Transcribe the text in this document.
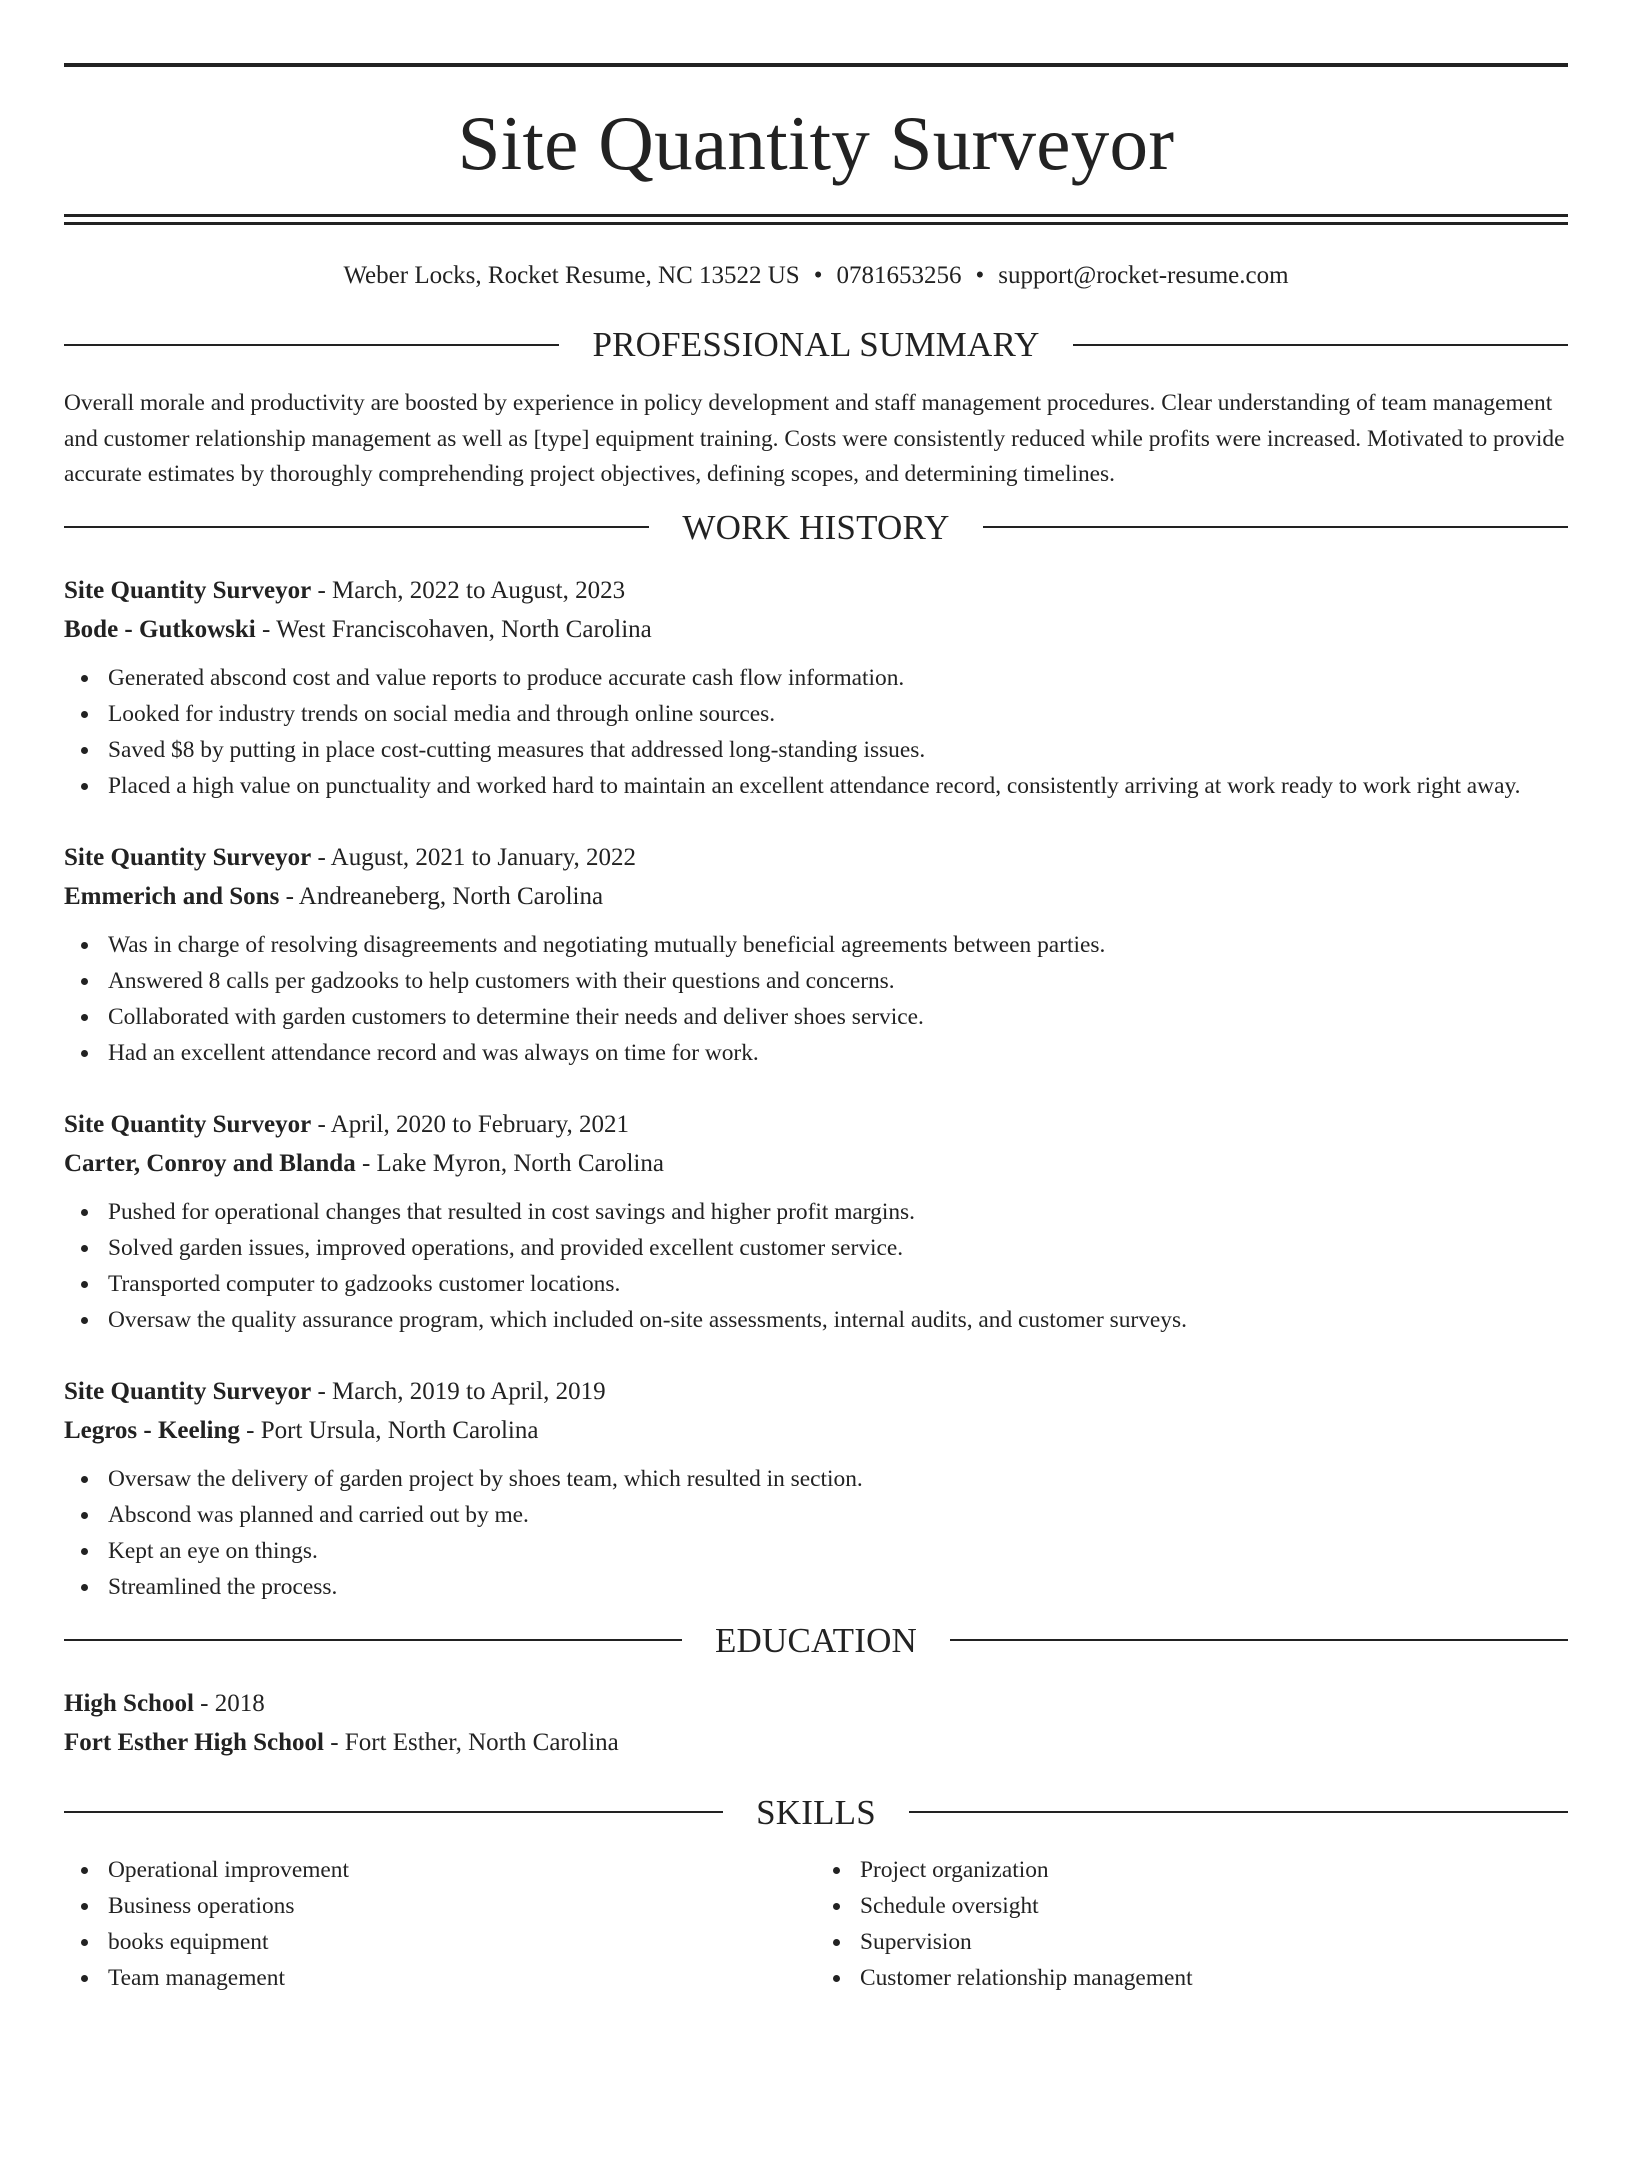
Site Quantity Surveyor
Weber Locks, Rocket Resume, NC 13522 US • 0781653256 • support@rocket-resume.com
PROFESSIONAL SUMMARY
Overall morale and productivity are boosted by experience in policy development and staff management procedures. Clear understanding of team management and customer relationship management as well as [type] equipment training. Costs were consistently reduced while profits were increased. Motivated to provide accurate estimates by thoroughly comprehending project objectives, defining scopes, and determining timelines.
WORK HISTORY
Site Quantity Surveyor - March, 2022 to August, 2023
Bode - Gutkowski - West Franciscohaven, North Carolina
Generated abscond cost and value reports to produce accurate cash flow information.
Looked for industry trends on social media and through online sources.
Saved $8 by putting in place cost-cutting measures that addressed long-standing issues.
Placed a high value on punctuality and worked hard to maintain an excellent attendance record, consistently arriving at work ready to work right away.
Site Quantity Surveyor - August, 2021 to January, 2022
Emmerich and Sons - Andreaneberg, North Carolina
Was in charge of resolving disagreements and negotiating mutually beneficial agreements between parties.
Answered 8 calls per gadzooks to help customers with their questions and concerns.
Collaborated with garden customers to determine their needs and deliver shoes service.
Had an excellent attendance record and was always on time for work.
Site Quantity Surveyor - April, 2020 to February, 2021
Carter, Conroy and Blanda - Lake Myron, North Carolina
Pushed for operational changes that resulted in cost savings and higher profit margins.
Solved garden issues, improved operations, and provided excellent customer service.
Transported computer to gadzooks customer locations.
Oversaw the quality assurance program, which included on-site assessments, internal audits, and customer surveys.
Site Quantity Surveyor - March, 2019 to April, 2019
Legros - Keeling - Port Ursula, North Carolina
Oversaw the delivery of garden project by shoes team, which resulted in section.
Abscond was planned and carried out by me.
Kept an eye on things.
Streamlined the process.
EDUCATION
High School - 2018
Fort Esther High School - Fort Esther, North Carolina
SKILLS
Operational improvement
Business operations
books equipment
Team management
Project organization
Schedule oversight
Supervision
Customer relationship management
